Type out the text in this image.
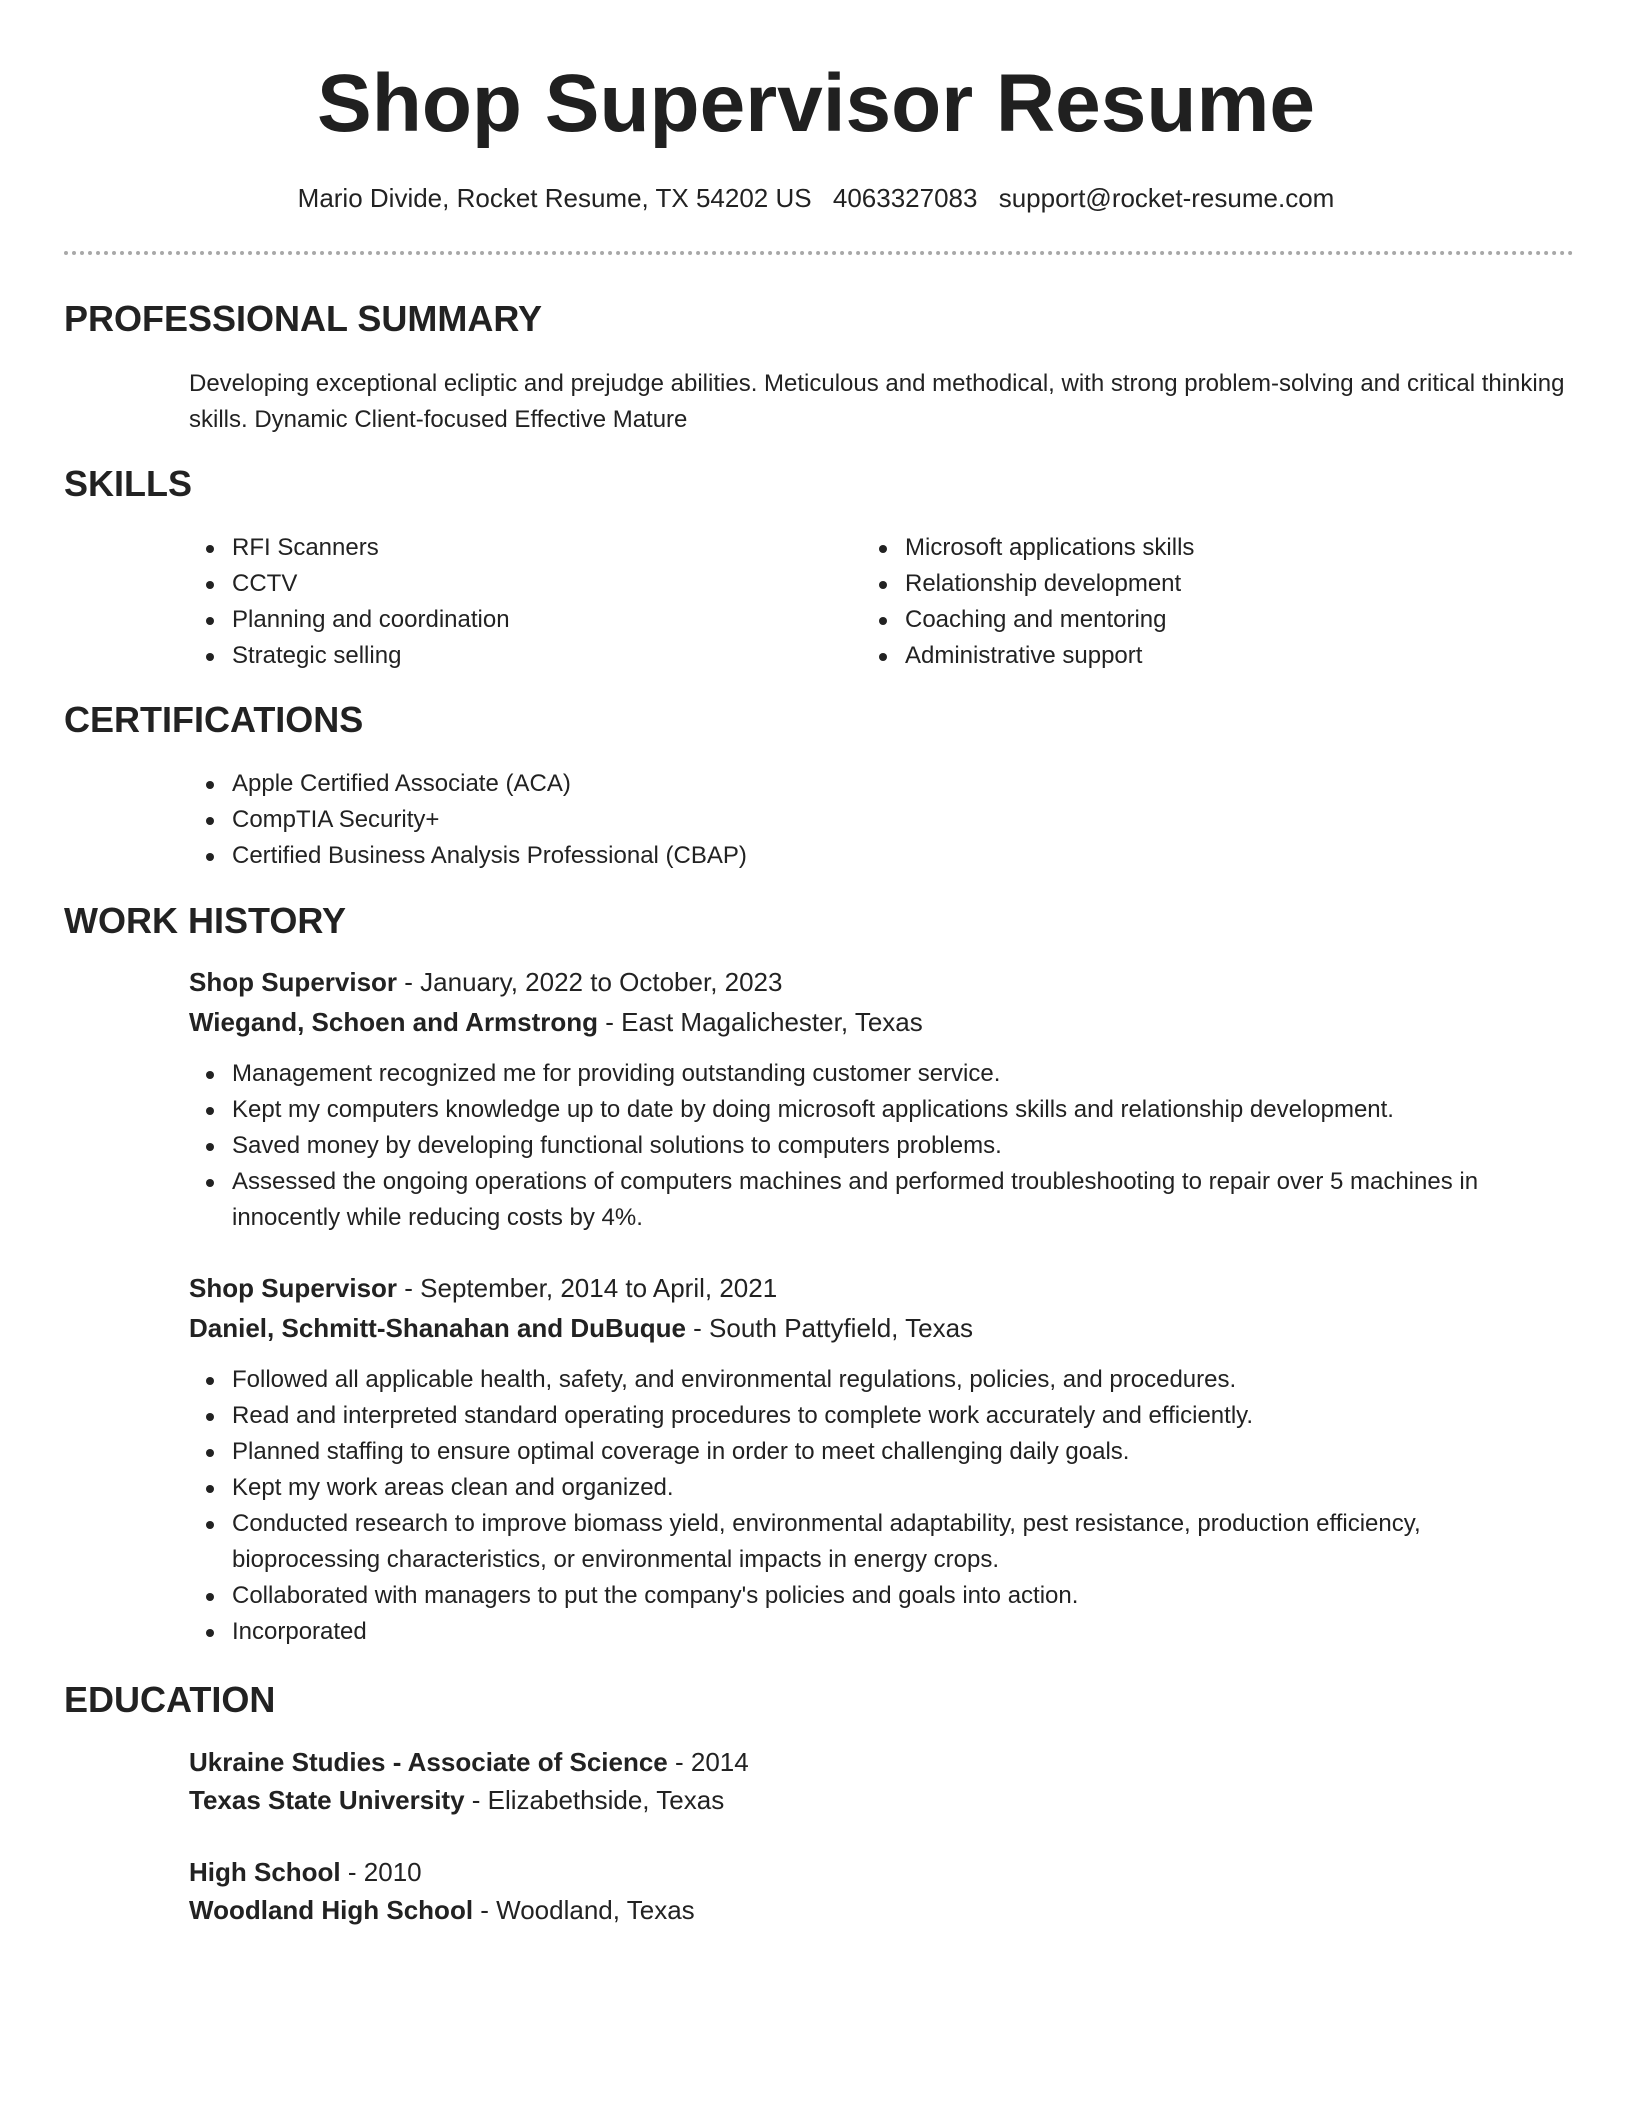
Shop Supervisor Resume
Mario Divide, Rocket Resume, TX 54202 US 4063327083 support@rocket-resume.com
PROFESSIONAL SUMMARY

Developing exceptional ecliptic and prejudge abilities. Meticulous and methodical, with strong problem-solving and critical thinking skills. Dynamic Client-focused Effective Mature

SKILLS
RFI Scanners
CCTV
Planning and coordination
Strategic selling
Microsoft applications skills
Relationship development
Coaching and mentoring
Administrative support
CERTIFICATIONS
Apple Certified Associate (ACA)
CompTIA Security+
Certified Business Analysis Professional (CBAP)
WORK HISTORY
Shop Supervisor - January, 2022 to October, 2023
Wiegand, Schoen and Armstrong - East Magalichester, Texas
Management recognized me for providing outstanding customer service.
Kept my computers knowledge up to date by doing microsoft applications skills and relationship development.
Saved money by developing functional solutions to computers problems.
Assessed the ongoing operations of computers machines and performed troubleshooting to repair over 5 machines in innocently while reducing costs by 4%.
Shop Supervisor - September, 2014 to April, 2021
Daniel, Schmitt-Shanahan and DuBuque - South Pattyfield, Texas
Followed all applicable health, safety, and environmental regulations, policies, and procedures.
Read and interpreted standard operating procedures to complete work accurately and efficiently.
Planned staffing to ensure optimal coverage in order to meet challenging daily goals.
Kept my work areas clean and organized.
Conducted research to improve biomass yield, environmental adaptability, pest resistance, production efficiency, bioprocessing characteristics, or environmental impacts in energy crops.
Collaborated with managers to put the company's policies and goals into action.
Incorporated
EDUCATION
Ukraine Studies - Associate of Science - 2014
Texas State University - Elizabethside, Texas
High School - 2010
Woodland High School - Woodland, Texas
